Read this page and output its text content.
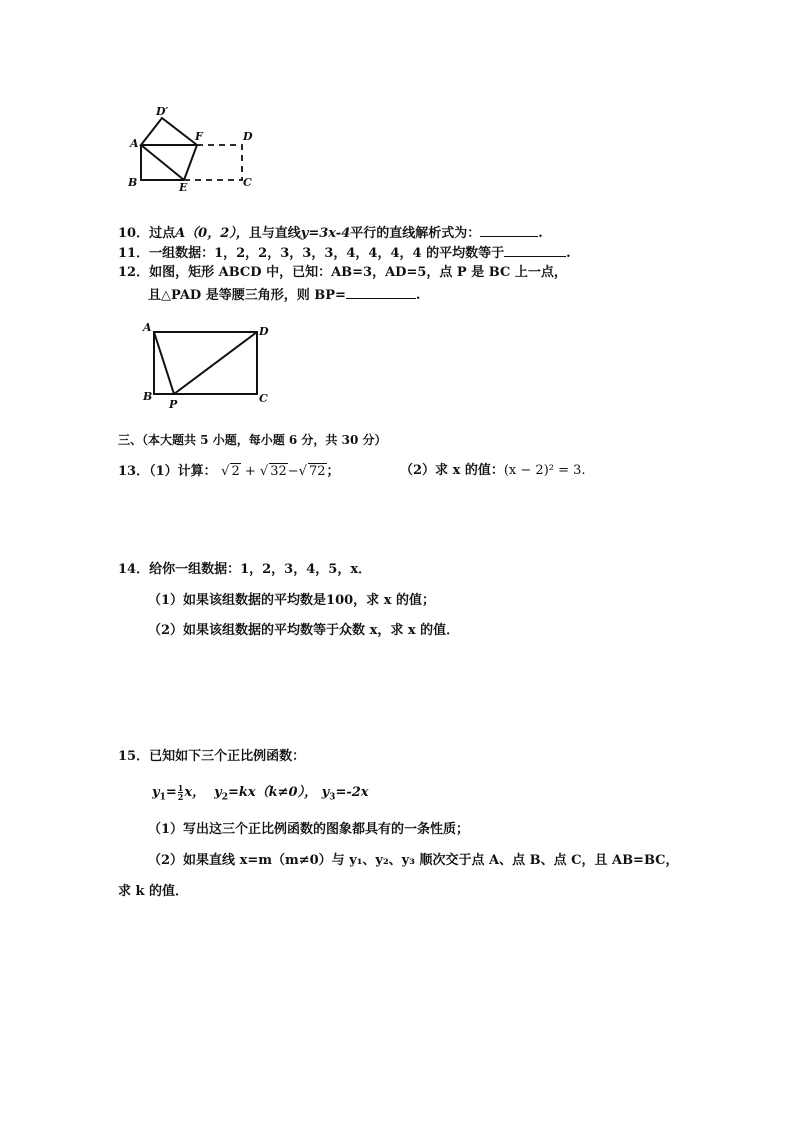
D′
A
F	D
B	E	C
10．过点A（0，2），且与直线y=3x-4平行的直线解析式为：	.
11．一组数据：1，2，2，3，3，3，4，4，4，4 的平均数等于	.
12．如图，矩形 ABCD 中，已知：AB=3，AD=5，点 P 是 BC 上一点，
且△PAD 是等腰三角形，则 BP=	.
A	D
B
P	C
三、（本大题共 5 小题，每小题 6 分，共 30 分）
13．（1）计算： √ 2 + √ 32−√ 72；	（2）求 x 的值：(x − 2)² = 3.
14．给你一组数据：1，2，3，4，5，x．
（1）如果该组数据的平均数是100，求 x 的值；
（2）如果该组数据的平均数等于众数 x，求 x 的值．
15．已知如下三个正比例函数：
$y_1= \frac{1}{2}$ x， $y_2=kx(k\ne 0)$， $y_3=-2x$
（1）写出这三个正比例函数的图象都具有的一条性质；
（2）如果直线 x=m（m≠0）与 y₁、y₂、y₃ 顺次交于点 A、点 B、点 C，且 AB=BC，
求 k 的值．
